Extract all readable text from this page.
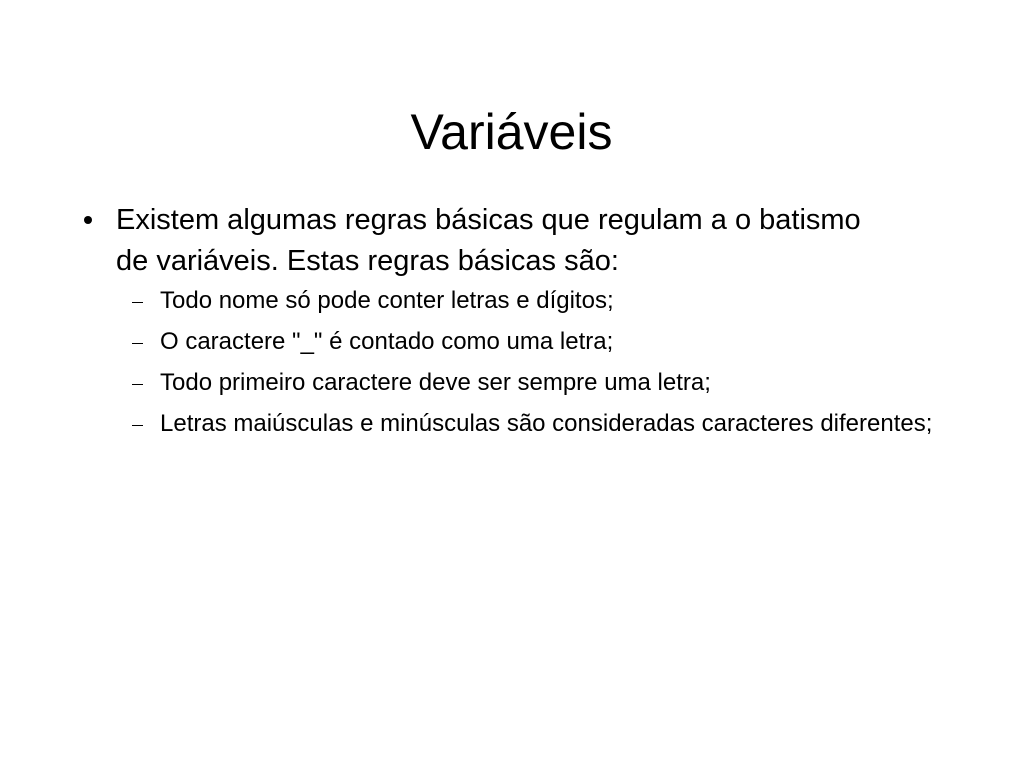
Variáveis
Existem algumas regras básicas que regulam a o batismo de variáveis. Estas regras básicas são:
Todo nome só pode conter letras e dígitos;
O caractere "_" é contado como uma letra;
Todo primeiro caractere deve ser sempre uma letra;
Letras maiúsculas e minúsculas são consideradas caracteres diferentes;
